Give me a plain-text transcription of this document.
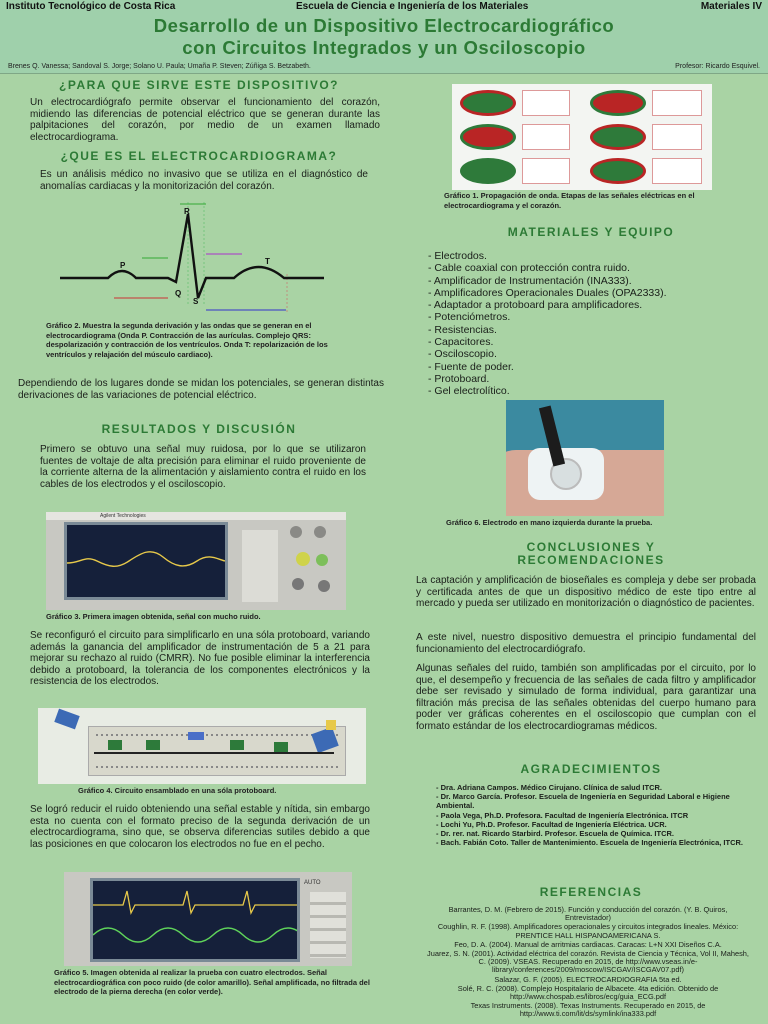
Instituto Tecnológico de Costa Rica	Escuela de Ciencia e Ingeniería de los Materiales	Materiales IV
Desarrollo de un Dispositivo Electrocardiográfico
con Circuitos Integrados y un Osciloscopio
Brenes Q. Vanessa; Sandoval S. Jorge; Solano U. Paula; Umaña P. Steven; Zúñiga S. Betzabeth.	Profesor: Ricardo Esquivel.
¿PARA QUE SIRVE ESTE DISPOSITIVO?

Un electrocardiógrafo permite observar el funcionamiento del corazón, midiendo las diferencias de potencial eléctrico que se generan durante las palpitaciones del corazón, por medio de un examen llamado electrocardiograma.

¿QUE ES EL ELECTROCARDIOGRAMA?

Es un análisis médico no invasivo que se utiliza en el diagnóstico de anomalías cardiacas y la monitorización del corazón.

P
R
Q
S
T
Gráfico 2. Muestra la segunda derivación y las ondas que se generan en el electrocardiograma (Onda P. Contracción de las aurículas. Complejo QRS: despolarización y contracción de los ventrículos. Onda T: repolarización de los ventrículos y relajación del músculo cardiaco).

Dependiendo de los lugares donde se midan los potenciales, se generan distintas derivaciones de las variaciones de potencial eléctrico.

RESULTADOS Y DISCUSIÓN

Primero se obtuvo una señal muy ruidosa, por lo que se utilizaron fuentes de voltaje de alta precisión para eliminar el ruido proveniente de la corriente alterna de la alimentación y aislamiento contra el ruido en los cables de los electrodos y el osciloscopio.

Agilent Technologies
Gráfico 3. Primera imagen obtenida, señal con mucho ruido.

Se reconfiguró el circuito para simplificarlo en una sóla protoboard, variando además la ganancia del amplificador de instrumentación de 5 a 21 para mejorar su rechazo al ruido (CMRR). No fue posible eliminar la interferencia debido a protoboard, la tolerancia de los componentes electrónicos y la resistencia de los electrodos.

Gráfico 4. Circuito ensamblado en una sóla protoboard.

Se logró reducir el ruido obteniendo una señal estable y nítida, sin embargo esta no cuenta con el formato preciso de la segunda derivación de un electrocardiograma, sino que, se observa diferencias sutiles debido a que las posiciones en que colocaron los electrodos no fue en el pecho.

AUTO
Gráfico 5. Imagen obtenida al realizar la prueba con cuatro electrodos. Señal electrocardiográfica con poco ruido (de color amarillo). Señal amplificada, no filtrada del electrodo de la pierna derecha (en color verde).
Gráfico 1. Propagación de onda. Etapas de las señales eléctricas en el electrocardiograma y el corazón.
MATERIALES Y EQUIPO
- Electrodos.
- Cable coaxial con protección contra ruido.
- Amplificador de Instrumentación (INA333).
- Amplificadores Operacionales Duales (OPA2333).
- Adaptador a protoboard para amplificadores.
- Potenciómetros.
- Resistencias.
- Capacitores.
- Osciloscopio.
- Fuente de poder.
- Protoboard.
- Gel electrolítico.
Gráfico 6. Electrodo en mano izquierda durante la prueba.
CONCLUSIONES Y
RECOMENDACIONES

La captación y amplificación de bioseñales es compleja y debe ser probada y certificada antes de que un dispositivo médico de este tipo entre al mercado y pueda ser utilizado en monitorización o diagnóstico de pacientes.

A este nivel, nuestro dispositivo demuestra el principio fundamental del funcionamiento del electrocardiógrafo.

Algunas señales del ruido, también son amplificadas por el circuito, por lo que, el desempeño y frecuencia de las señales de cada filtro y amplificador debe ser revisado y simulado de forma individual, para garantizar una filtración más precisa de las señales obtenidas del cuerpo humano para poder ver gráficas coherentes en el osciloscopio que cumplan con el formato estándar de los electrocardiogramas médicos.

AGRADECIMIENTOS
- Dra. Adriana Campos. Médico Cirujano. Clínica de salud ITCR.
- Dr. Marco García. Profesor. Escuela de Ingeniería en Seguridad Laboral e Higiene Ambiental.
- Paola Vega, Ph.D. Profesora. Facultad de Ingeniería Electrónica. ITCR
- Lochi Yu, Ph.D. Profesor. Facultad de Ingeniería Eléctrica. UCR.
- Dr. rer. nat. Ricardo Starbird. Profesor. Escuela de Química. ITCR.
- Bach. Fabián Coto. Taller de Mantenimiento. Escuela de Ingeniería Electrónica, ITCR.
REFERENCIAS
Barrantes, D. M. (Febrero de 2015). Función y conducción del corazón. (Y. B. Quiros, Entrevistador)
Coughlin, R. F. (1998). Amplificadores operacionales y circuitos integrados lineales. México: PRENTICE HALL HISPANOAMERICANA S.
Feo, D. A. (2004). Manual de arritmias cardiacas. Caracas: L+N XXI Diseños C.A.
Juarez, S. N. (2001). Actividad eléctrica del corazón. Revista de Ciencia y Técnica, Vol II, Mahesh, C. (2009). VSEAS. Recuperado en 2015, de http://www.vseas.in/e-library/conferences/2009/moscow/ISCGAV/ISCGAV07.pdf)
Salazar, G. F. (2005). ELECTROCARDIOGRAFIA 5ta ed.
Solé, R. C. (2008). Complejo Hospitalario de Albacete. 4ta edición. Obtenido de http://www.chospab.es/libros/ecg/guia_ECG.pdf
Texas Instruments. (2008). Texas Instruments. Recuperado en 2015, de http://www.ti.com/lit/ds/symlink/ina333.pdf
